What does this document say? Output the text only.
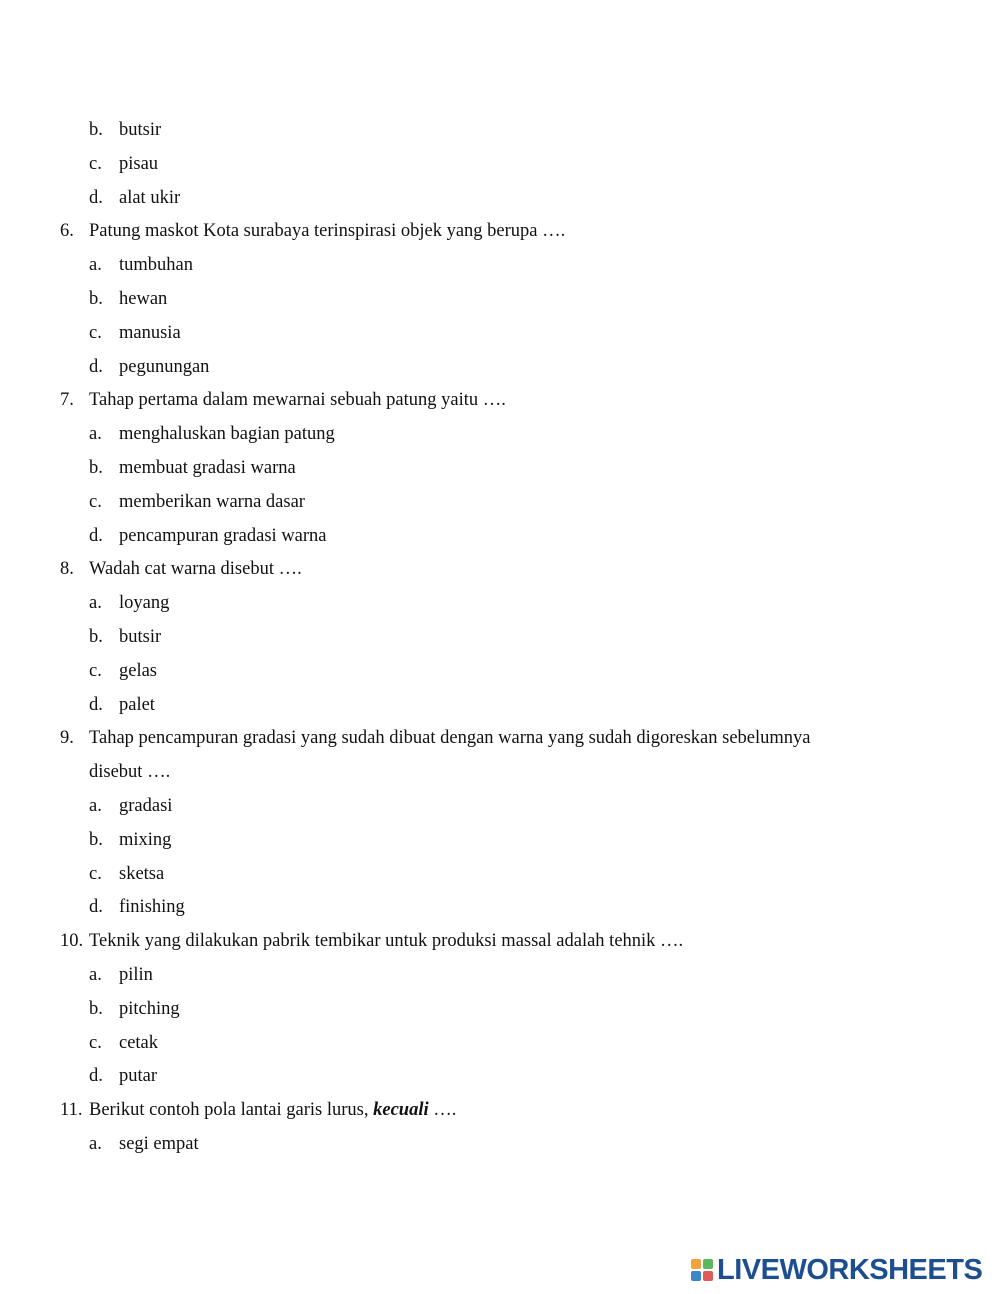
b. butsir
c. pisau
d. alat ukir
6. Patung maskot Kota surabaya terinspirasi objek yang berupa ….
a. tumbuhan
b. hewan
c. manusia
d. pegunungan
7. Tahap pertama dalam mewarnai sebuah patung yaitu ….
a. menghaluskan bagian patung
b. membuat gradasi warna
c. memberikan warna dasar
d. pencampuran gradasi warna
8. Wadah cat warna disebut ….
a. loyang
b. butsir
c. gelas
d. palet
9. Tahap pencampuran gradasi yang sudah dibuat dengan warna yang sudah digoreskan sebelumnya
disebut ….
a. gradasi
b. mixing
c. sketsa
d. finishing
10. Teknik yang dilakukan pabrik tembikar untuk produksi massal adalah tehnik ….
a. pilin
b. pitching
c. cetak
d. putar
11. Berikut contoh pola lantai garis lurus, kecuali ….
a. segi empat
LIVEWORKSHEETS
